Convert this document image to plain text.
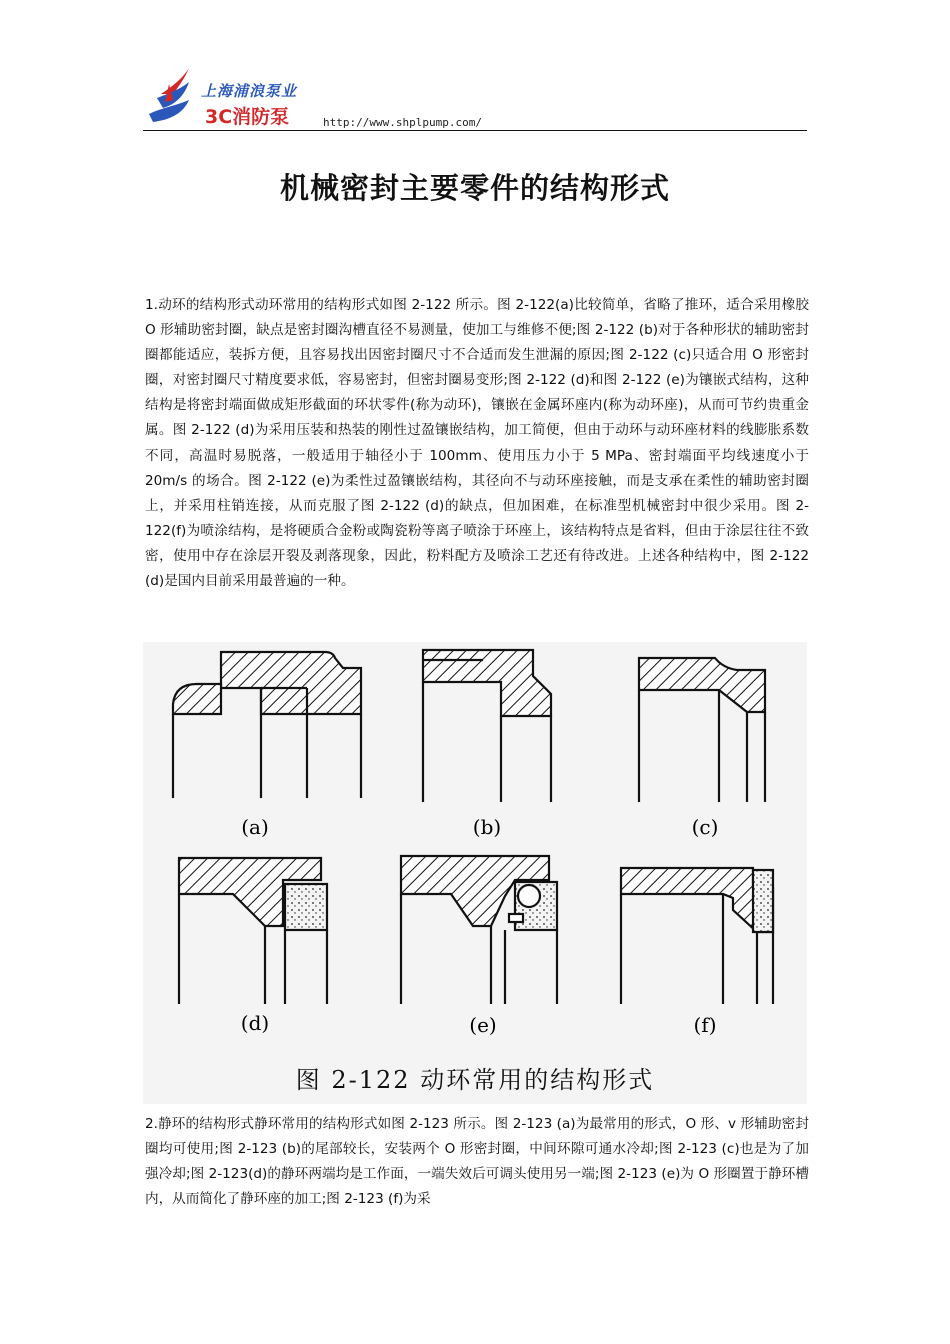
上海浦浪泵业
3C消防泵	http://www.shplpump.com/
机械密封主要零件的结构形式
1.动环的结构形式动环常用的结构形式如图 2-122 所示。图 2-122(a)比较简单，省略了推环，适合采用橡胶 O 形辅助密封圈，缺点是密封圈沟槽直径不易测量，使加工与维修不便;图 2-122 (b)对于各种形状的辅助密封圈都能适应，装拆方便，且容易找出因密封圈尺寸不合适而发生泄漏的原因;图 2-122 (c)只适合用 O 形密封圈，对密封圈尺寸精度要求低，容易密封，但密封圈易变形;图 2-122 (d)和图 2-122 (e)为镶嵌式结构，这种结构是将密封端面做成矩形截面的环状零件(称为动环)，镶嵌在金属环座内(称为动环座)，从而可节约贵重金属。图 2-122 (d)为采用压装和热装的刚性过盈镶嵌结构，加工简便，但由于动环与动环座材料的线膨胀系数不同，高温时易脱落，一般适用于轴径小于 100mm、使用压力小于 5 MPa、密封端面平均线速度小于 20m/s 的场合。图 2-122 (e)为柔性过盈镶嵌结构，其径向不与动环座接触，而是支承在柔性的辅助密封圈上，并采用柱销连接，从而克服了图 2-122 (d)的缺点，但加困难，在标准型机械密封中很少采用。图 2-122(f)为喷涂结构，是将硬质合金粉或陶瓷粉等离子喷涂于环座上，该结构特点是省料，但由于涂层往往不致密，使用中存在涂层开裂及剥落现象，因此，粉料配方及喷涂工艺还有待改进。上述各种结构中，图 2-122 (d)是国内目前采用最普遍的一种。
(a)	(b)	(c)
(d)	(e)	(f)
图 2-122 动环常用的结构形式
2.静环的结构形式静环常用的结构形式如图 2-123 所示。图 2-123 (a)为最常用的形式，O 形、v 形辅助密封圈均可使用;图 2-123 (b)的尾部较长，安装两个 O 形密封圈，中间环隙可通水冷却;图 2-123 (c)也是为了加强冷却;图 2-123(d)的静环两端均是工作面，一端失效后可调头使用另一端;图 2-123 (e)为 O 形圈置于静环槽内，从而简化了静环座的加工;图 2-123 (f)为采
